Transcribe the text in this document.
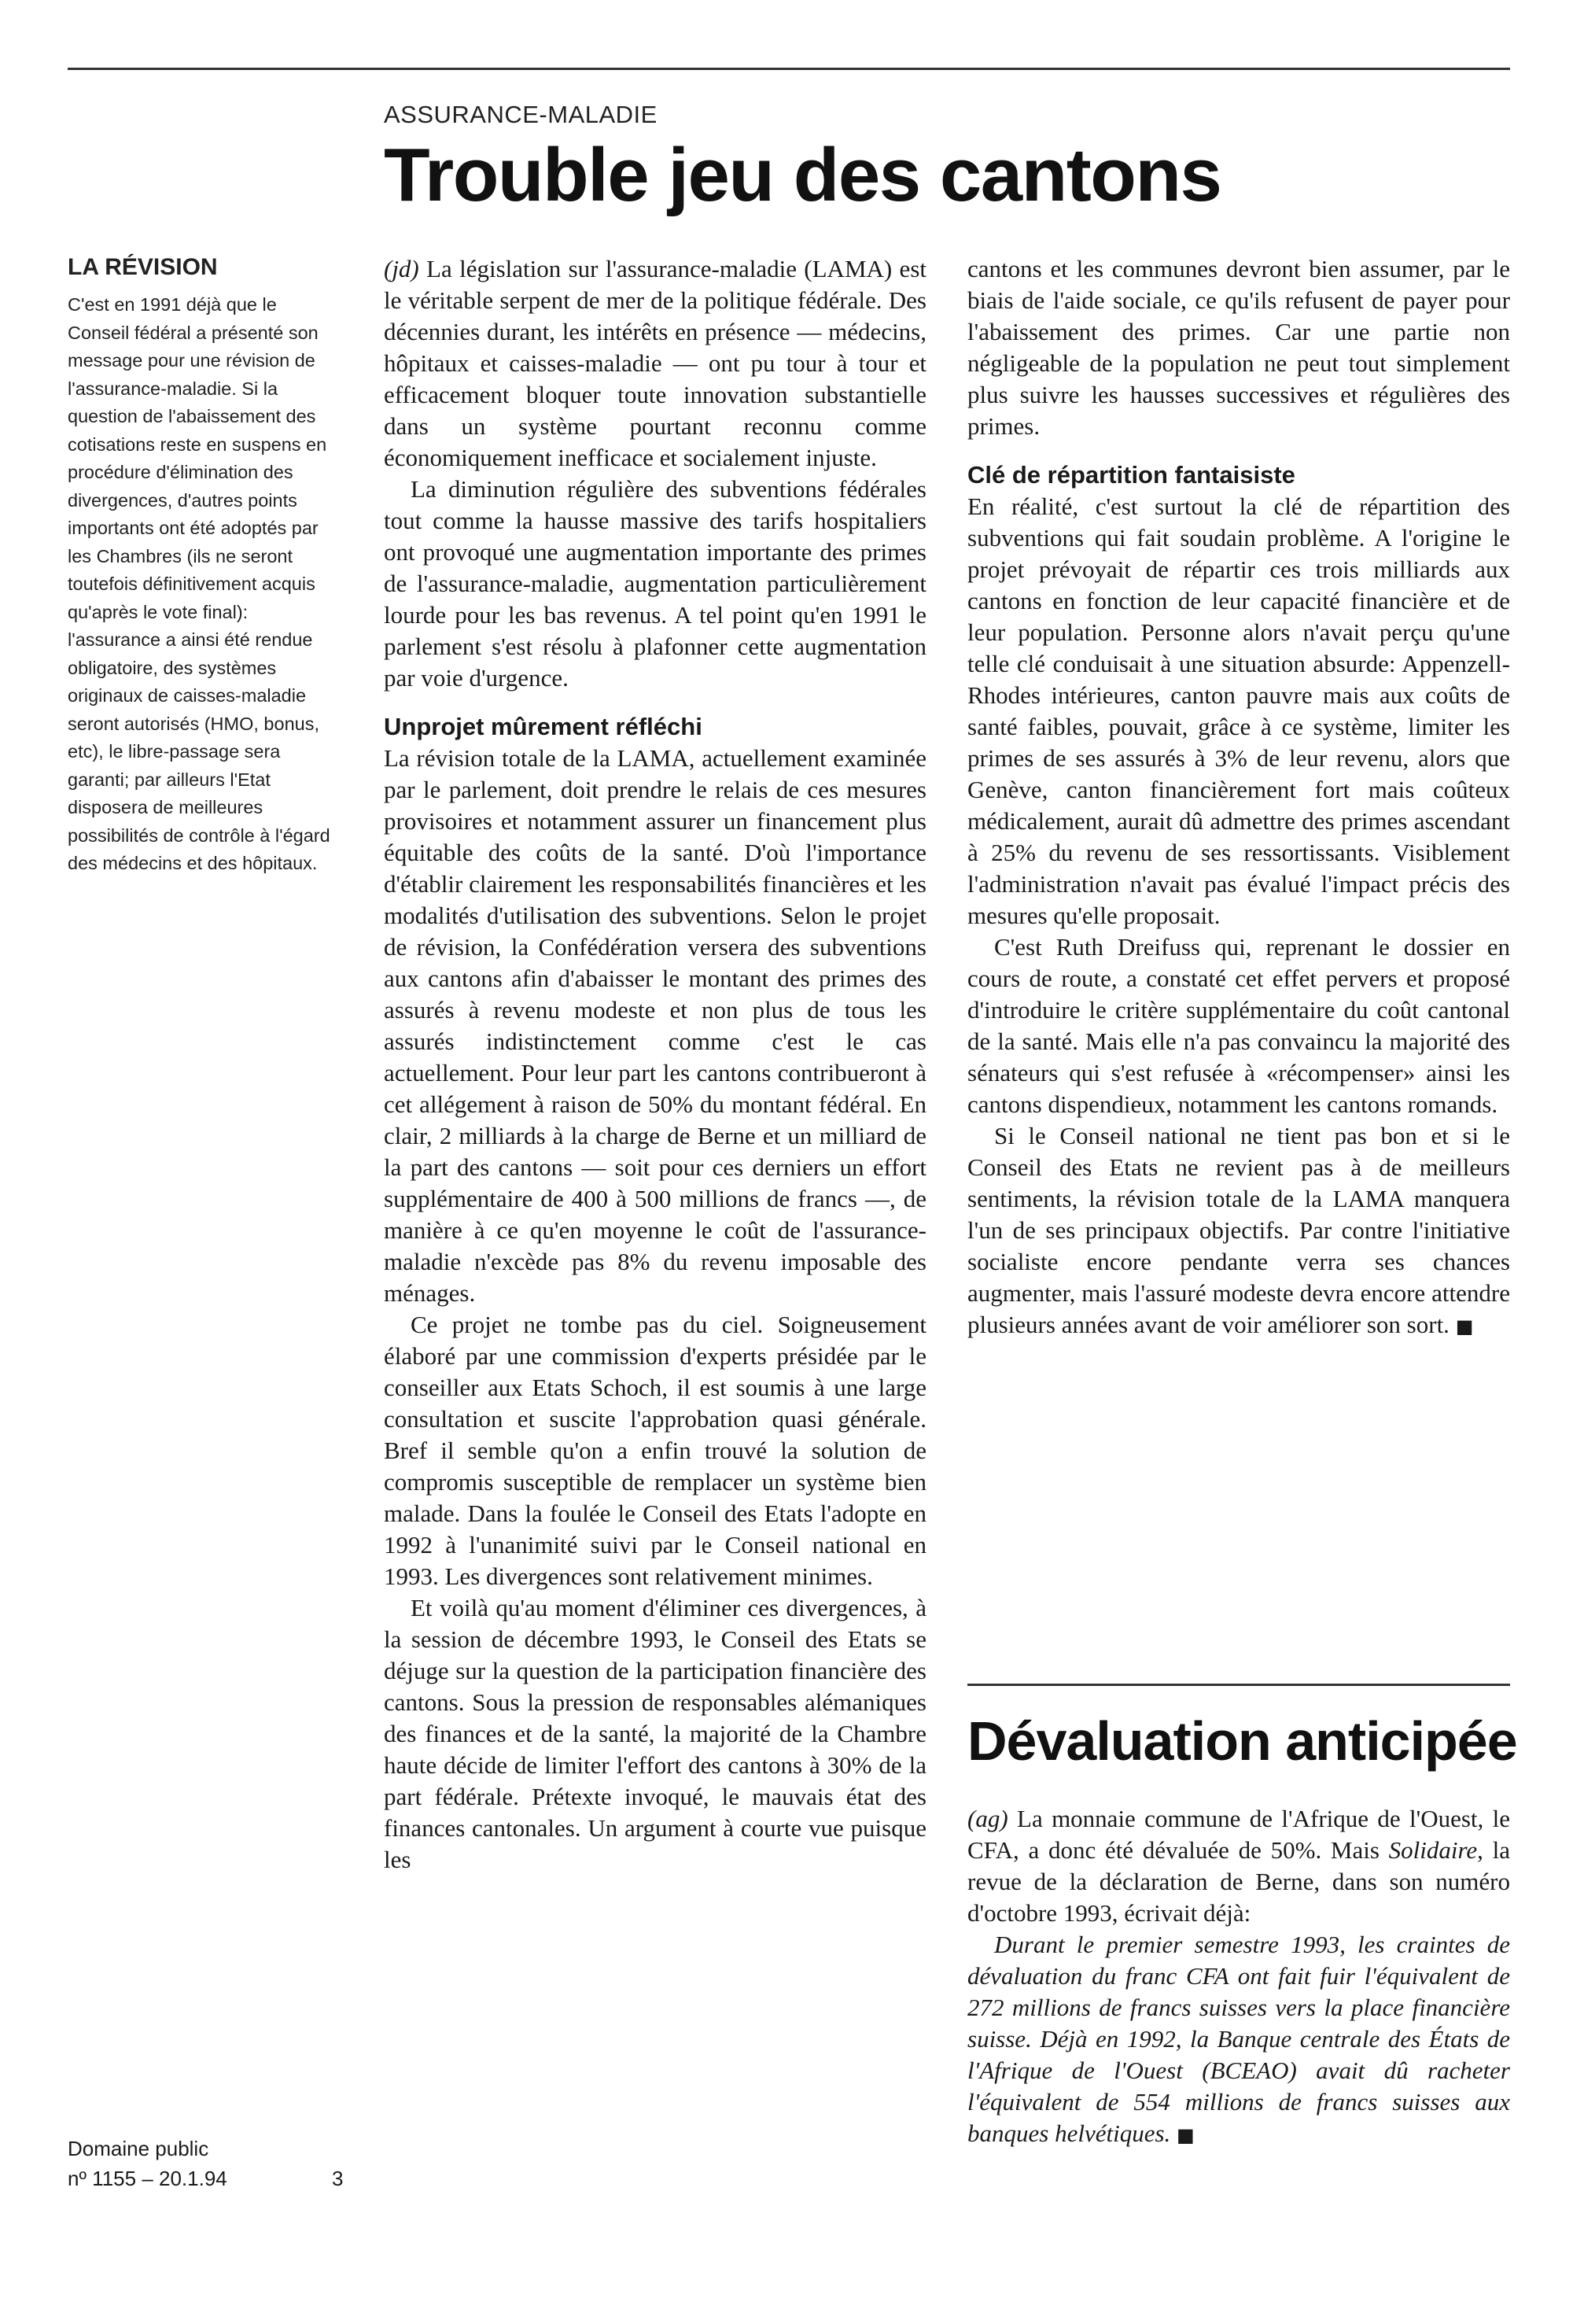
ASSURANCE-MALADIE
Trouble jeu des cantons
LA RÉVISION

C'est en 1991 déjà que le Conseil fédéral a présenté son message pour une révision de l'assurance-maladie. Si la question de l'abaissement des cotisations reste en suspens en procédure d'élimination des divergences, d'autres points importants ont été adoptés par les Chambres (ils ne seront toutefois définitivement acquis qu'après le vote final): l'assurance a ainsi été rendue obligatoire, des systèmes originaux de caisses-maladie seront autorisés (HMO, bonus, etc), le libre-passage sera garanti; par ailleurs l'Etat disposera de meilleures possibilités de contrôle à l'égard des médecins et des hôpitaux.

(jd) La législation sur l'assurance-maladie (LAMA) est le véritable serpent de mer de la politique fédérale. Des décennies durant, les intérêts en présence — médecins, hôpitaux et caisses-maladie — ont pu tour à tour et efficacement bloquer toute innovation substantielle dans un système pourtant reconnu comme économiquement inefficace et socialement injuste.

La diminution régulière des subventions fédérales tout comme la hausse massive des tarifs hospitaliers ont provoqué une augmentation importante des primes de l'assurance-maladie, augmentation particulièrement lourde pour les bas revenus. A tel point qu'en 1991 le parlement s'est résolu à plafonner cette augmentation par voie d'urgence.

Unprojet mûrement réfléchi

La révision totale de la LAMA, actuellement examinée par le parlement, doit prendre le relais de ces mesures provisoires et notamment assurer un financement plus équitable des coûts de la santé. D'où l'importance d'établir clairement les responsabilités financières et les modalités d'utilisation des subventions. Selon le projet de révision, la Confédération versera des subventions aux cantons afin d'abaisser le montant des primes des assurés à revenu modeste et non plus de tous les assurés indistinctement comme c'est le cas actuellement. Pour leur part les cantons contribueront à cet allégement à raison de 50% du montant fédéral. En clair, 2 milliards à la charge de Berne et un milliard de la part des cantons — soit pour ces derniers un effort supplémentaire de 400 à 500 millions de francs —, de manière à ce qu'en moyenne le coût de l'assurance-maladie n'excède pas 8% du revenu imposable des ménages.

Ce projet ne tombe pas du ciel. Soigneusement élaboré par une commission d'experts présidée par le conseiller aux Etats Schoch, il est soumis à une large consultation et suscite l'approbation quasi générale. Bref il semble qu'on a enfin trouvé la solution de compromis susceptible de remplacer un système bien malade. Dans la foulée le Conseil des Etats l'adopte en 1992 à l'unanimité suivi par le Conseil national en 1993. Les divergences sont relativement minimes.

Et voilà qu'au moment d'éliminer ces divergences, à la session de décembre 1993, le Conseil des Etats se déjuge sur la question de la participation financière des cantons. Sous la pression de responsables alémaniques des finances et de la santé, la majorité de la Chambre haute décide de limiter l'effort des cantons à 30% de la part fédérale. Prétexte invoqué, le mauvais état des finances cantonales. Un argument à courte vue puisque les

cantons et les communes devront bien assumer, par le biais de l'aide sociale, ce qu'ils refusent de payer pour l'abaissement des primes. Car une partie non négligeable de la population ne peut tout simplement plus suivre les hausses successives et régulières des primes.

Clé de répartition fantaisiste

En réalité, c'est surtout la clé de répartition des subventions qui fait soudain problème. A l'origine le projet prévoyait de répartir ces trois milliards aux cantons en fonction de leur capacité financière et de leur population. Personne alors n'avait perçu qu'une telle clé conduisait à une situation absurde: Appenzell-Rhodes intérieures, canton pauvre mais aux coûts de santé faibles, pouvait, grâce à ce système, limiter les primes de ses assurés à 3% de leur revenu, alors que Genève, canton financièrement fort mais coûteux médicalement, aurait dû admettre des primes ascendant à 25% du revenu de ses ressortissants. Visiblement l'administration n'avait pas évalué l'impact précis des mesures qu'elle proposait.

C'est Ruth Dreifuss qui, reprenant le dossier en cours de route, a constaté cet effet pervers et proposé d'introduire le critère supplémentaire du coût cantonal de la santé. Mais elle n'a pas convaincu la majorité des sénateurs qui s'est refusée à «récompenser» ainsi les cantons dispendieux, notamment les cantons romands.

Si le Conseil national ne tient pas bon et si le Conseil des Etats ne revient pas à de meilleurs sentiments, la révision totale de la LAMA manquera l'un de ses principaux objectifs. Par contre l'initiative socialiste encore pendante verra ses chances augmenter, mais l'assuré modeste devra encore attendre plusieurs années avant de voir améliorer son sort. ■

Dévaluation anticipée

(ag) La monnaie commune de l'Afrique de l'Ouest, le CFA, a donc été dévaluée de 50%. Mais Solidaire, la revue de la déclaration de Berne, dans son numéro d'octobre 1993, écrivait déjà:

Durant le premier semestre 1993, les craintes de dévaluation du franc CFA ont fait fuir l'équivalent de 272 millions de francs suisses vers la place financière suisse. Déjà en 1992, la Banque centrale des États de l'Afrique de l'Ouest (BCEAO) avait dû racheter l'équivalent de 554 millions de francs suisses aux banques helvétiques. ■

Domaine public
nº 1155 – 20.1.94	3
